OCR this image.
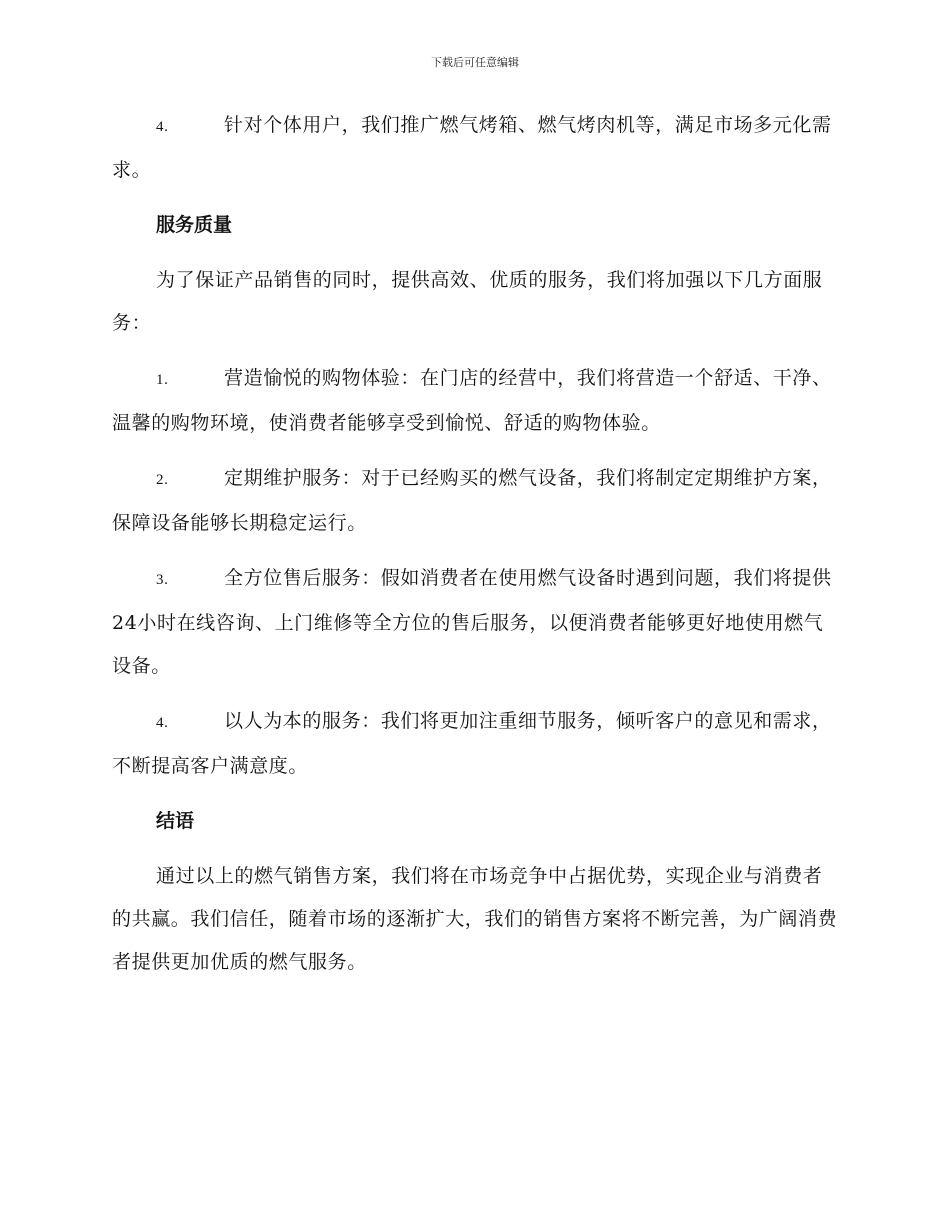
下载后可任意编辑

4.	针对个体用户，我们推广燃气烤箱、燃气烤肉机等，满足市场多元化需求。

服务质量

为了保证产品销售的同时，提供高效、优质的服务，我们将加强以下几方面服务：

1.	营造愉悦的购物体验：在门店的经营中，我们将营造一个舒适、干净、温馨的购物环境，使消费者能够享受到愉悦、舒适的购物体验。

2.	定期维护服务：对于已经购买的燃气设备，我们将制定定期维护方案，保障设备能够长期稳定运行。

3.	全方位售后服务：假如消费者在使用燃气设备时遇到问题，我们将提供24小时在线咨询、上门维修等全方位的售后服务，以便消费者能够更好地使用燃气设备。

4.	以人为本的服务：我们将更加注重细节服务，倾听客户的意见和需求，不断提高客户满意度。

结语

通过以上的燃气销售方案，我们将在市场竞争中占据优势，实现企业与消费者的共赢。我们信任，随着市场的逐渐扩大，我们的销售方案将不断完善，为广阔消费者提供更加优质的燃气服务。
